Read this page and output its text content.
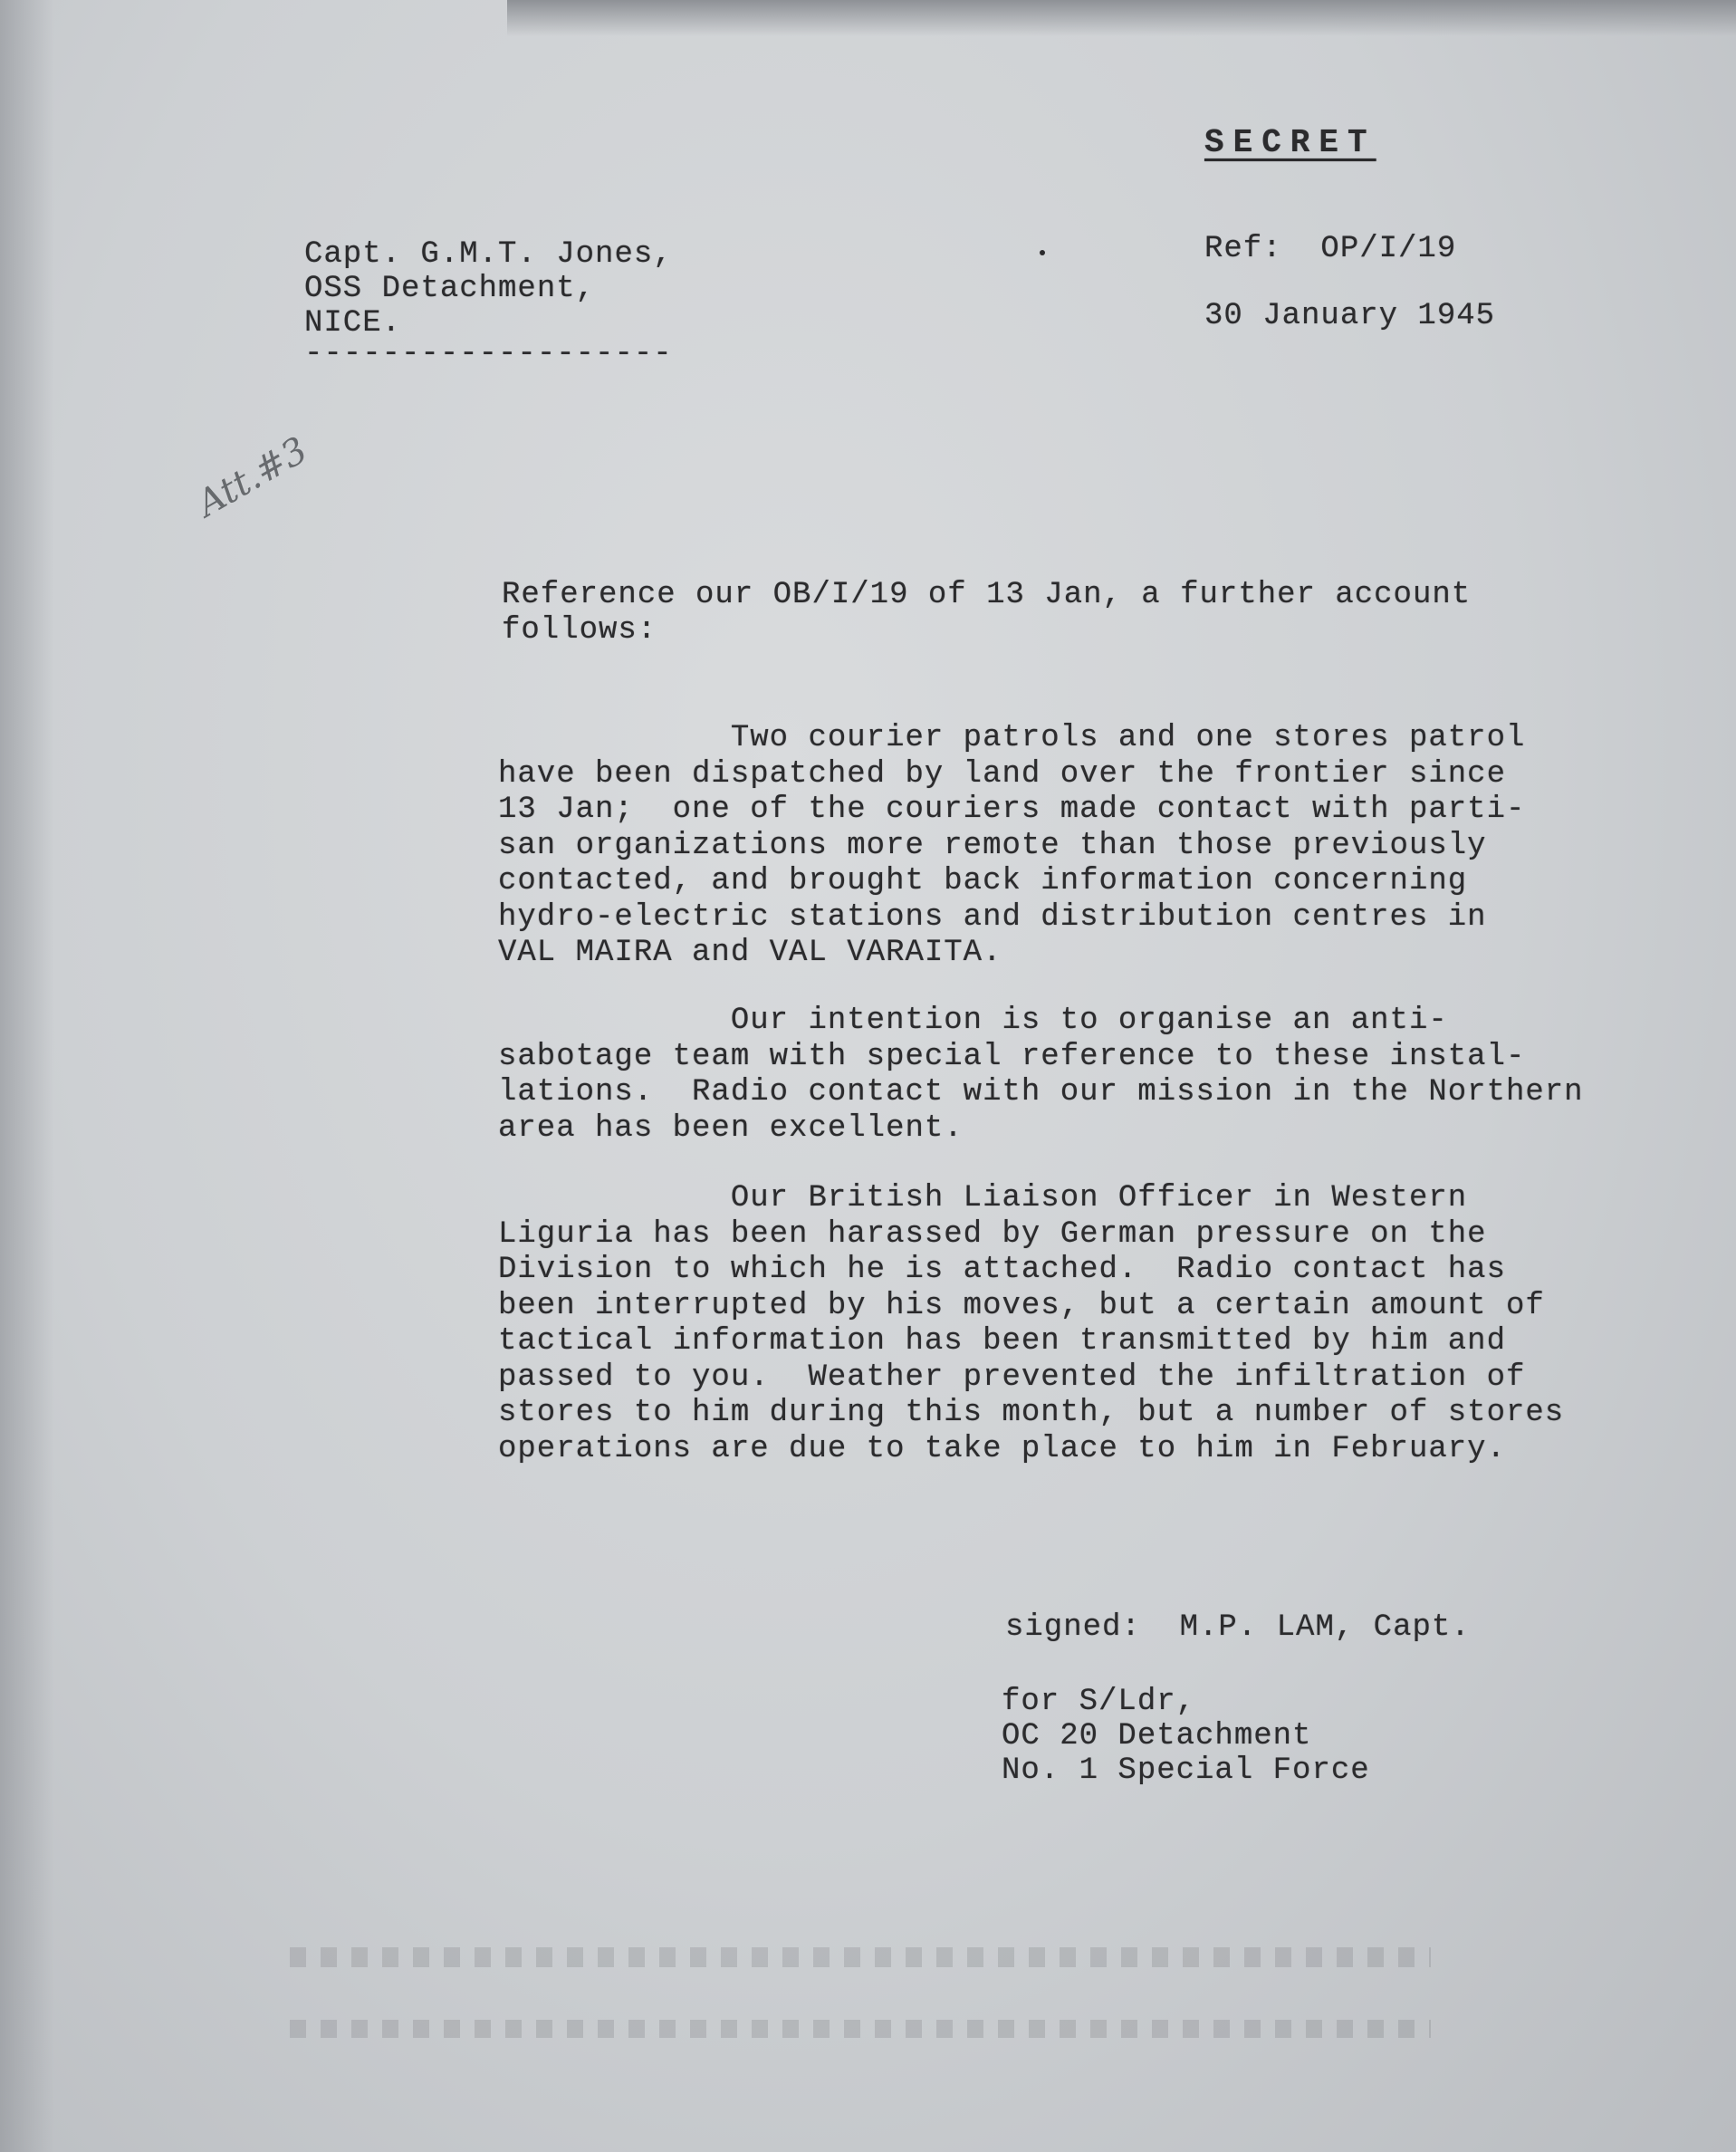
SECRET
Capt. G.M.T. Jones,
OSS Detachment,
NICE.
-------------------
Ref:  OP/I/19
30 January 1945
Att.#3
Reference our OB/I/19 of 13 Jan, a further account
follows:
Two courier patrols and one stores patrol
have been dispatched by land over the frontier since
13 Jan;  one of the couriers made contact with parti-
san organizations more remote than those previously
contacted, and brought back information concerning
hydro-electric stations and distribution centres in
VAL MAIRA and VAL VARAITA.
Our intention is to organise an anti-
sabotage team with special reference to these instal-
lations.  Radio contact with our mission in the Northern
area has been excellent.
Our British Liaison Officer in Western
Liguria has been harassed by German pressure on the
Division to which he is attached.  Radio contact has
been interrupted by his moves, but a certain amount of
tactical information has been transmitted by him and
passed to you.  Weather prevented the infiltration of
stores to him during this month, but a number of stores
operations are due to take place to him in February.
signed:  M.P. LAM, Capt.
for S/Ldr,
OC 20 Detachment
No. 1 Special Force
